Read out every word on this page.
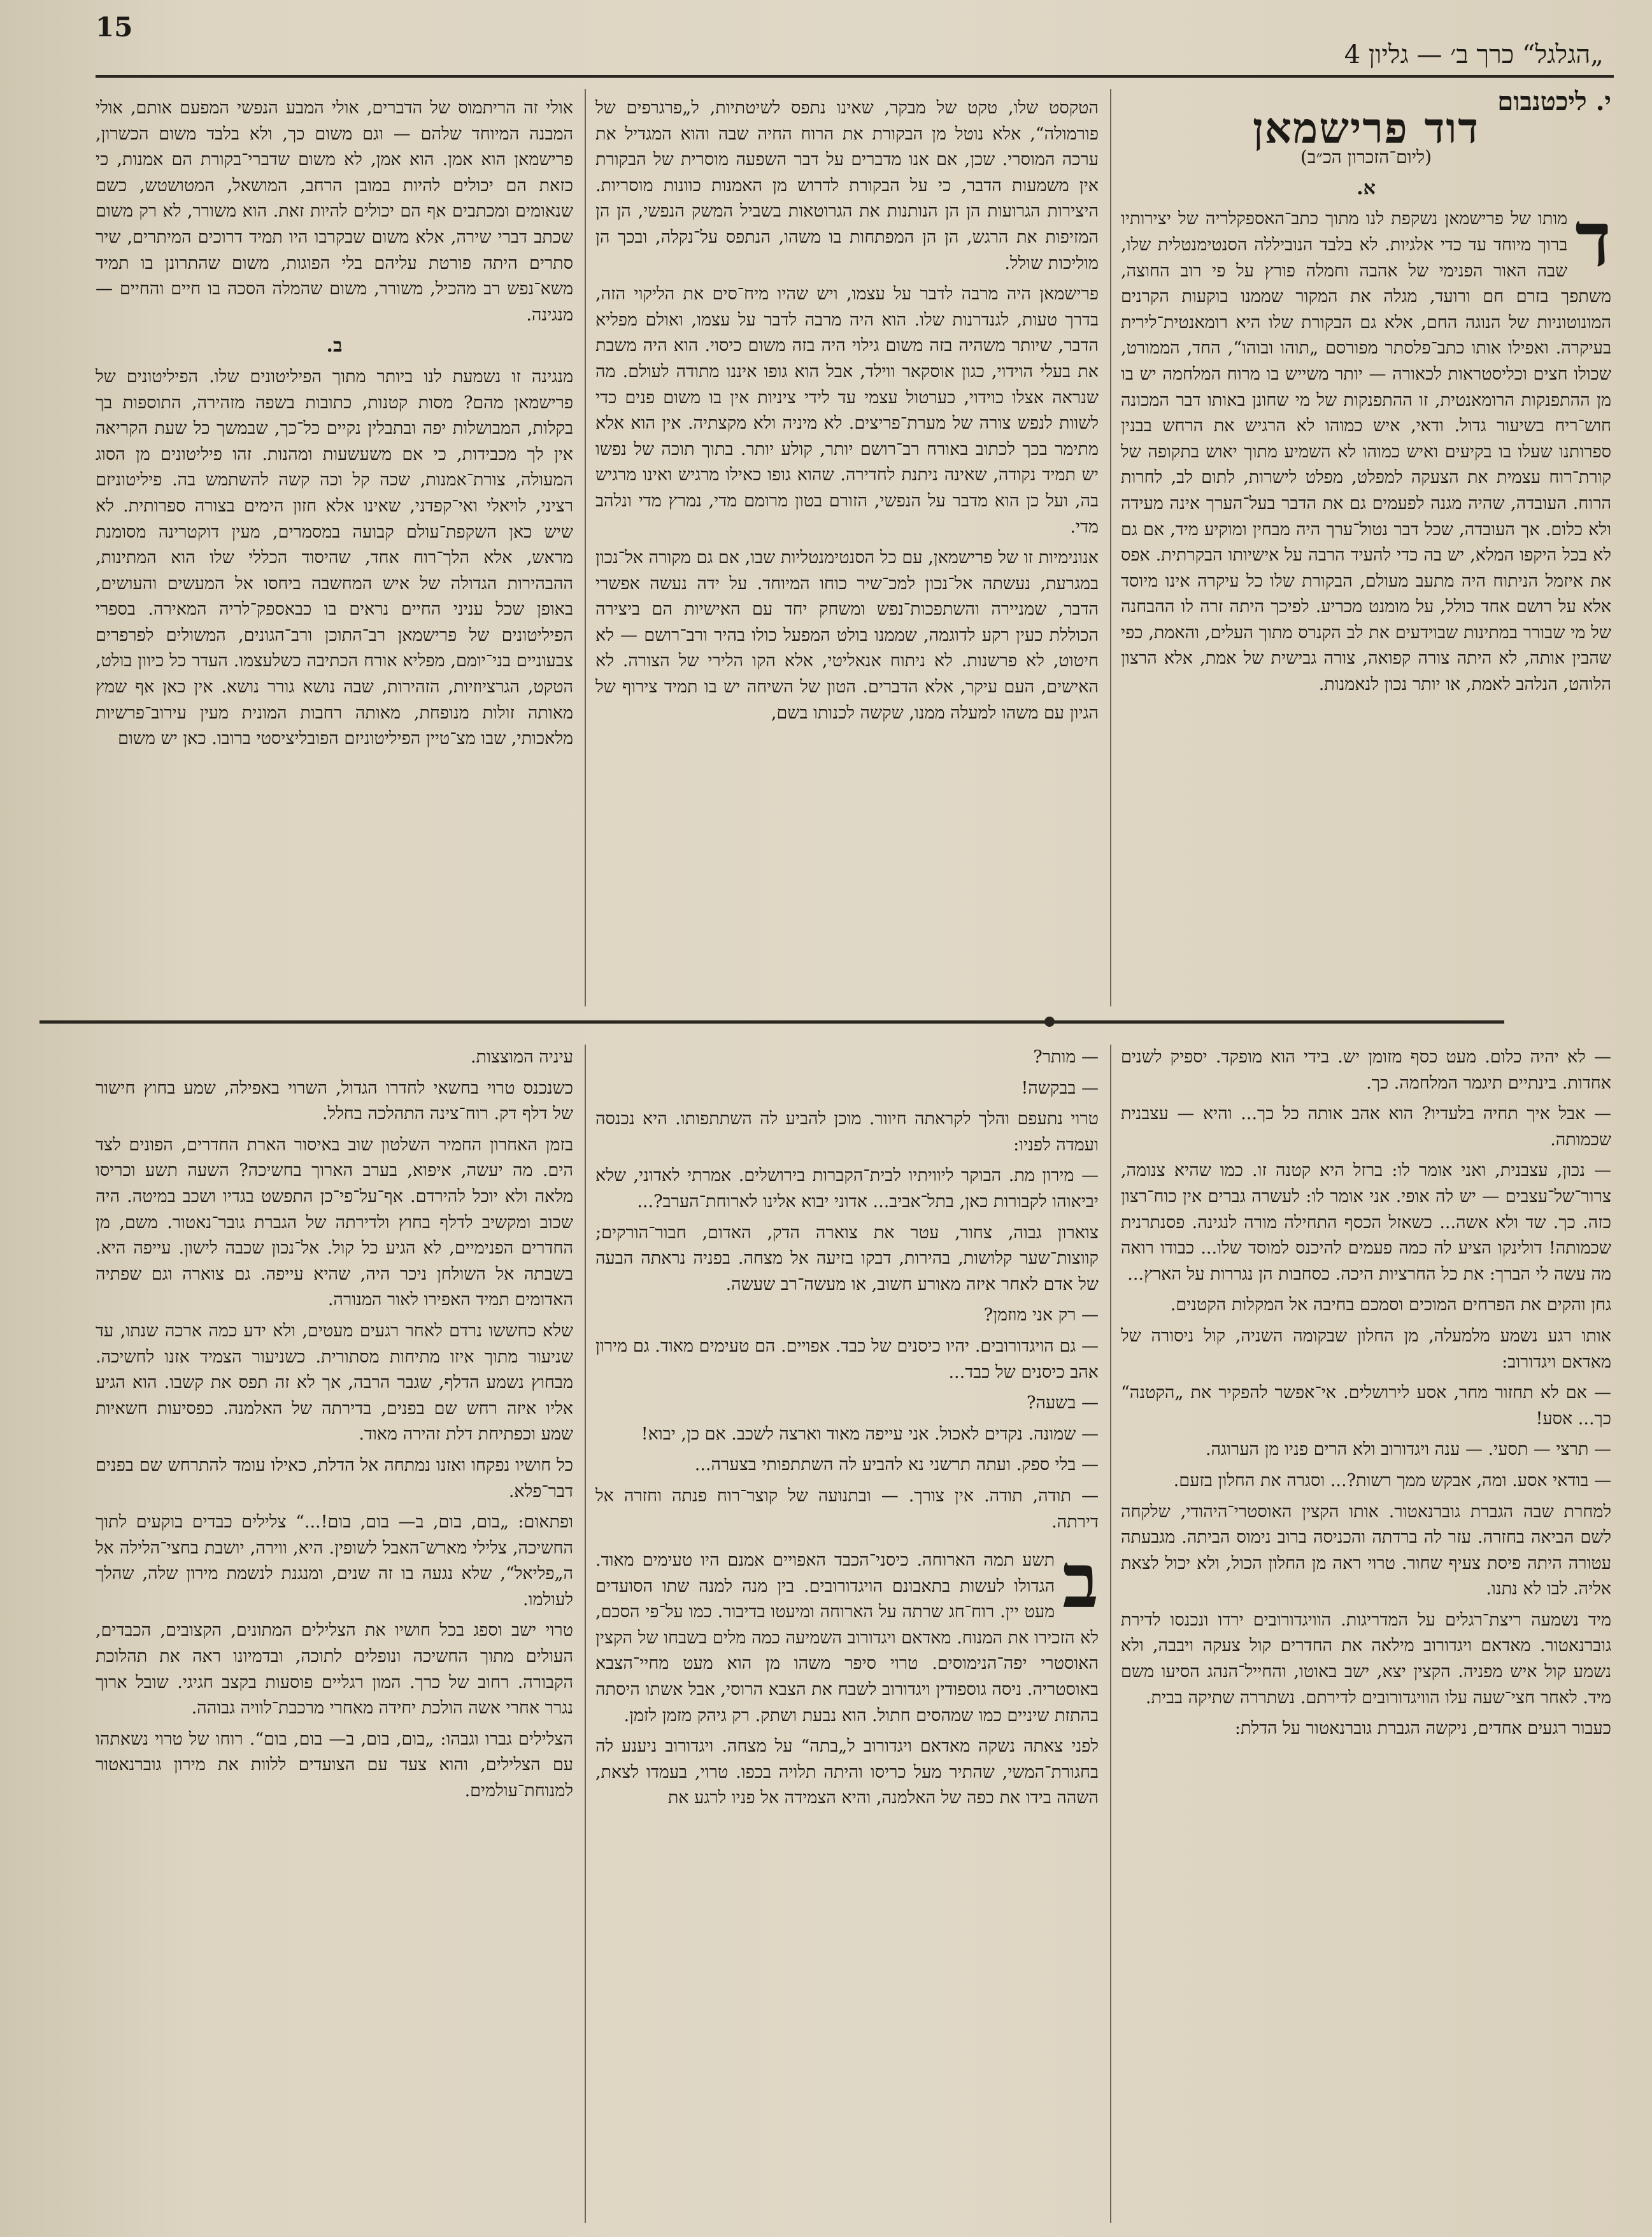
15
„הגלגל“ כרך ב׳ — גליון 4
י. ליכטנבום
דוד פרישמאן
(ליום־הזכרון הכ״ב)
א.
ד

מותו של פרישמאן נשקפת לנו מתוך כתב־האספקלריה של יצירותיו ברוך מיוחד עד כדי אלגיות. לא בלבד הנוביללה הסנטימנטלית שלו, שבה האור הפנימי של אהבה וחמלה פורץ על פי רוב החוצה, משתפך בזרם חם ורועד, מגלה את המקור שממנו בוקעות הקרנים המונוטוניות של הנוגה החם, אלא גם הבקורת שלו היא רומאנטית־לירית בעיקרה. ואפילו אותו כתב־פלסתר מפורסם „תוהו ובוהו“, החד, הממורט, שכולו חצים וכליסטראות לכאורה — יותר משייש בו מרוח המלחמה יש בו מן ההתפנקות הרומאנטית, זו ההתפנקות של מי שחונן באותו דבר המכונה חוש־ריח בשיעור גדול. ודאי, איש כמוהו לא הרגיש את הרחש בבנין ספרותנו שעלו בו בקיעים ואיש כמוהו לא השמיע מתוך יאוש בתקופה של קורת־רוח עצמית את הצעקה למפלט, מפלט לישרות, לתום לב, לחרות הרוח. העובדה, שהיה מגנה לפעמים גם את הדבר בעל־הערך אינה מעידה ולא כלום. אך העובדה, שכל דבר נטול־ערך היה מבחין ומוקיע מיד, אם גם לא בכל היקפו המלא, יש בה כדי להעיד הרבה על אישיותו הבקרתית. אפס את איזמל הניתוח היה מתעב מעולם, הבקורת שלו כל עיקרה אינו מיוסד אלא על רושם אחד כולל, על מומנט מכריע. לפיכך היתה זרה לו ההבחנה של מי שבורר במתינות שבוידעים את לב הקנרס מתוך העלים, והאמת, כפי שהבין אותה, לא היתה צורה קפואה, צורה גבישית של אמת, אלא הרצון הלוהט, הנלהב לאמת, או יותר נכון לנאמנות.

הטקסט שלו, טקט של מבקר, שאינו נתפס לשיטתיות, ל„פרגרפים של פורמולה“, אלא נוטל מן הבקורת את הרוח החיה שבה והוא המגדיל את ערכה המוסרי. שכן, אם אנו מדברים על דבר השפעה מוסרית של הבקורת אין משמעות הדבר, כי על הבקורת לדרוש מן האמנות כוונות מוסריות. היצירות הגרועות הן הן הנותנות את הגרוטאות בשביל המשק הנפשי, הן הן המזיפות את הרגש, הן הן המפתחות בו משהו, הנתפס על־נקלה, ובכך הן מוליכות שולל.

פרישמאן היה מרבה לדבר על עצמו, ויש שהיו מיח־סים את הליקוי הזה, בדרך טעות, לגנדרנות שלו. הוא היה מרבה לדבר על עצמו, ואולם מפליא הדבר, שיותר משהיה בזה משום גילוי היה בזה משום כיסוי. הוא היה משבת את בעלי הוידוי, כגון אוסקאר ווילד, אבל הוא גופו איננו מתודה לעולם. מה שנראה אצלו כוידוי, כערטול עצמי עד לידי ציניות אין בו משום פנים כדי לשוות לנפש צורה של מערת־פריצים. לא מיניה ולא מקצתיה. אין הוא אלא מתימר בכך לכתוב באורח רב־רושם יותר, קולע יותר. בתוך תוכה של נפשו יש תמיד נקודה, שאינה ניתנת לחדירה. שהוא גופו כאילו מרגיש ואינו מרגיש בה, ועל כן הוא מדבר על הנפשי, הזורם בטון מרומם מדי, נמרץ מדי ונלהב מדי.

אנונימיות זו של פרישמאן, עם כל הסנטימנטליות שבו, אם גם מקורה אל־נכון במגרעת, נעשתה אל־נכון למכ־שיר כוחו המיוחד. על ידה נעשה אפשרי הדבר, שמניירה והשתפכות־נפש ומשחק יחד עם האישיות הם ביצירה הכוללת כעין רקע לדוגמה, שממנו בולט המפעל כולו בהיר ורב־רושם — לא חיטוט, לא פרשנות. לא ניתוח אנאליטי, אלא הקו הלירי של הצורה. לא האישים, העם עיקר, אלא הדברים. הטון של השיחה יש בו תמיד צירוף של הגיון עם משהו למעלה ממנו, שקשה לכנותו בשם,

אולי זה הריתמוס של הדברים, אולי המבע הנפשי המפעם אותם, אולי המבנה המיוחד שלהם — וגם משום כך, ולא בלבד משום הכשרון, פרישמאן הוא אמן. הוא אמן, לא משום שדברי־בקורת הם אמנות, כי כזאת הם יכולים להיות במובן הרחב, המושאל, המטושטש, כשם שנאומים ומכתבים אף הם יכולים להיות זאת. הוא משורר, לא רק משום שכתב דברי שירה, אלא משום שבקרבו היו תמיד דרוכים המיתרים, שיר סתרים היתה פורטת עליהם בלי הפוגות, משום שהתרונן בו תמיד משא־נפש רב מהכיל, משורר, משום שהמלה הסכה בו חיים והחיים — מנגינה.

ב.

מנגינה זו נשמעת לנו ביותר מתוך הפיליטונים שלו. הפיליטונים של פרישמאן מהם? מסות קטנות, כתובות בשפה מזהירה, התוספות בך בקלות, המבושלות יפה ובתבלין נקיים כל־כך, שבמשך כל שעת הקריאה אין לך מכבידות, כי אם משעשעות ומהנות. זהו פיליטונים מן הסוג המעולה, צורת־אמנות, שכה קל וכה קשה להשתמש בה. פיליטוניזם רציני, לויאלי ואי־קפדני, שאינו אלא חזון הימים בצורה ספרותית. לא שיש כאן השקפת־עולם קבועה במסמרים, מעין דוקטרינה מסומנת מראש, אלא הלך־רוח אחד, שהיסוד הכללי שלו הוא המתינות, ההבהירות הגדולה של איש המחשבה ביחסו אל המעשים והעושים, באופן שכל עניני החיים נראים בו כבאספק־לריה המאירה. בספרי הפיליטונים של פרישמאן רב־התוכן ורב־הגונים, המשולים לפרפרים צבעוניים בני־יומם, מפליא אורח הכתיבה כשלעצמו. העדר כל כיוון בולט, הטקט, הגרציוזיות, הזהירות, שבה נושא גורר נושא. אין כאן אף שמץ מאותה זולות מנופחת, מאותה רחבות המונית מעין עירוב־פרשיות מלאכותי, שבו מצ־טיין הפיליטוניזם הפובליציסטי ברובו. כאן יש משום

— לא יהיה כלום. מעט כסף מזומן יש. בידי הוא מופקד. יספיק לשנים אחדות. בינתיים תיגמר המלחמה. כך.

— אבל איך תחיה בלעדיו? הוא אהב אותה כל כך... והיא — עצבנית שכמותה.

— נכון, עצבנית, ואני אומר לו: ברזל היא קטנה זו. כמו שהיא צנומה, צרור־של־עצבים — יש לה אופי. אני אומר לו: לעשרה גברים אין כוח־רצון כזה. כך. שד ולא אשה... כשאזל הכסף התחילה מורה לנגינה. פסנתרנית שכמותה! דולינקו הציע לה כמה פעמים להיכנס למוסד שלו... כבודו רואה מה עשה לי הברך: את כל החרציות היכה. כסחבות הן נגררות על הארץ...

גחן והקים את הפרחים המוכים וסמכם בחיבה אל המקלות הקטנים.

אותו רגע נשמע מלמעלה, מן החלון שבקומה השניה, קול ניסורה של מאדאם ויגדורוב:

— אם לא תחזור מחר, אסע לירושלים. אי־אפשר להפקיר את „הקטנה“ כך... אסע!

— תרצי — תסעי. — ענה ויגדורוב ולא הרים פניו מן הערוגה.

— בודאי אסע. ומה, אבקש ממך רשות?... וסגרה את החלון בזעם.

למחרת שבה הגברת גוברנאטור. אותו הקצין האוסטרי־היהודי, שלקחה לשם הביאה בחזרה. עזר לה ברדתה והכניסה ברוב נימוס הביתה. מגבעתה עטורה היתה פיסת צעיף שחור. טרוי ראה מן החלון הכול, ולא יכול לצאת אליה. לבו לא נתנו.

מיד נשמעה ריצת־רגלים על המדריגות. הוויגדורובים ירדו ונכנסו לדירת גוברנאטור. מאדאם ויגדורוב מילאה את החדרים קול צעקה ויבבה, ולא נשמע קול איש מפניה. הקצין יצא, ישב באוטו, והחייל־הנהג הסיעו משם מיד. לאחר חצי־שעה עלו הוויגדורובים לדירתם. נשתררה שתיקה בבית.

כעבור רגעים אחדים, ניקשה הגברת גוברנאטור על הדלת:

— מותר?

— בבקשה!

טרוי נתעפם והלך לקראתה חיוור. מוכן להביע לה השתתפותו. היא נכנסה ועמדה לפניו:

— מירון מת. הבוקר ליוויתיו לבית־הקברות בירושלים. אמרתי לאדוני, שלא יביאוהו לקבורות כאן, בתל־אביב... אדוני יבוא אלינו לארוחת־הערב?...

צוארון גבוה, צחור, עטר את צוארה הדק, האדום, חבור־הורקים; קווצות־שער קלושות, בהירות, דבקו בזיעה אל מצחה. בפניה נראתה הבעה של אדם לאחר איזה מאורע חשוב, או מעשה־רב שעשה.

— רק אני מוזמן?

— גם הויגדורובים. יהיו כיסנים של כבד. אפויים. הם טעימים מאוד. גם מירון אהב כיסנים של כבד...

— בשעה?

— שמונה. נקדים לאכול. אני עייפה מאוד וארצה לשכב. אם כן, יבוא!

— בלי ספק. ועתה תרשני נא להביע לה השתתפותי בצערה...

— תודה, תודה. אין צורך. — ובתנועה של קוצר־רוח פנתה וחזרה אל דירתה.

ב

תשע תמה הארוחה. כיסני־הכבד האפויים אמנם היו טעימים מאוד. הגדולו לעשות בתאבונם הויגדורובים. בין מנה למנה שתו הסועדים מעט יין. רוח־חג שרתה על הארוחה ומיעטו בדיבור. כמו על־פי הסכם, לא הזכירו את המנוח. מאדאם ויגדורוב השמיעה כמה מלים בשבחו של הקצין האוסטרי יפה־הנימוסים. טרוי סיפר משהו מן הוא מעט מחיי־הצבא באוסטריה. ניסה גוספודין ויגדורוב לשבח את הצבא הרוסי, אבל אשתו היסתה בהתזת שיניים כמו שמהסים חתול. הוא נבעת ושתק. רק גיהק מזמן לזמן.

לפני צאתה נשקה מאדאם ויגדורוב ל„בתה“ על מצחה. ויגדורוב ניענע לה בחגורת־המשי, שהתיר מעל כריסו והיתה תלויה בכפו. טרוי, בעמדו לצאת, השהה בידו את כפה של האלמנה, והיא הצמידה אל פניו לרגע את

עיניה המוצצות.

כשנכנס טרוי בחשאי לחדרו הגדול, השרוי באפילה, שמע בחוץ חישור של דלף דק. רוח־צינה התהלכה בחלל.

בזמן האחרון החמיר השלטון שוב באיסור הארת החדרים, הפונים לצד הים. מה יעשה, איפוא, בערב הארוך בחשיכה? השעה תשע וכריסו מלאה ולא יוכל להירדם. אף־על־פי־כן התפשט בגדיו ושכב במיטה. היה שכוב ומקשיב לדלף בחוץ ולדירתה של הגברת גובר־נאטור. משם, מן החדרים הפנימיים, לא הגיע כל קול. אל־נכון שכבה לישון. עייפה היא. בשבתה אל השולחן ניכר היה, שהיא עייפה. גם צוארה וגם שפתיה האדומים תמיד האפירו לאור המנורה.

שלא כחששו נרדם לאחר רגעים מעטים, ולא ידע כמה ארכה שנתו, עד שניעור מתוך איזו מתיחות מסתורית. כשניעור הצמיד אזנו לחשיכה. מבחוץ נשמע הדלף, שגבר הרבה, אך לא זה תפס את קשבו. הוא הגיע אליו איזה רחש שם בפנים, בדירתה של האלמנה. כפסיעות חשאיות שמע וכפתיחת דלת זהירה מאוד.

כל חושיו נפקחו ואזנו נמתחה אל הדלת, כאילו עומד להתרחש שם בפנים דבר־פלא.

ופתאום: „בום, בום, ב— בום, בום!...“ צלילים כבדים בוקעים לתוך החשיכה, צלילי מארש־האבל לשופין. היא, ווירה, יושבת בחצי־הלילה אל ה„פליאל“, שלא נגעה בו זה שנים, ומנגנת לנשמת מירון שלה, שהלך לעולמו.

טרוי ישב וספג בכל חושיו את הצלילים המתונים, הקצובים, הכבדים, העולים מתוך החשיכה ונופלים לתוכה, ובדמיונו ראה את תהלוכת הקבורה. רחוב של כרך. המון רגליים פוסעות בקצב חגיגי. שובל ארוך נגרר אחרי אשה הולכת יחידה מאחרי מרכבת־לוויה גבוהה.

הצלילים גברו וגבהו: „בום, בום, ב— בום, בום“. רוחו של טרוי נשאתהו עם הצלילים, והוא צעד עם הצועדים ללוות את מירון גוברנאטור למנוחת־עולמים.
